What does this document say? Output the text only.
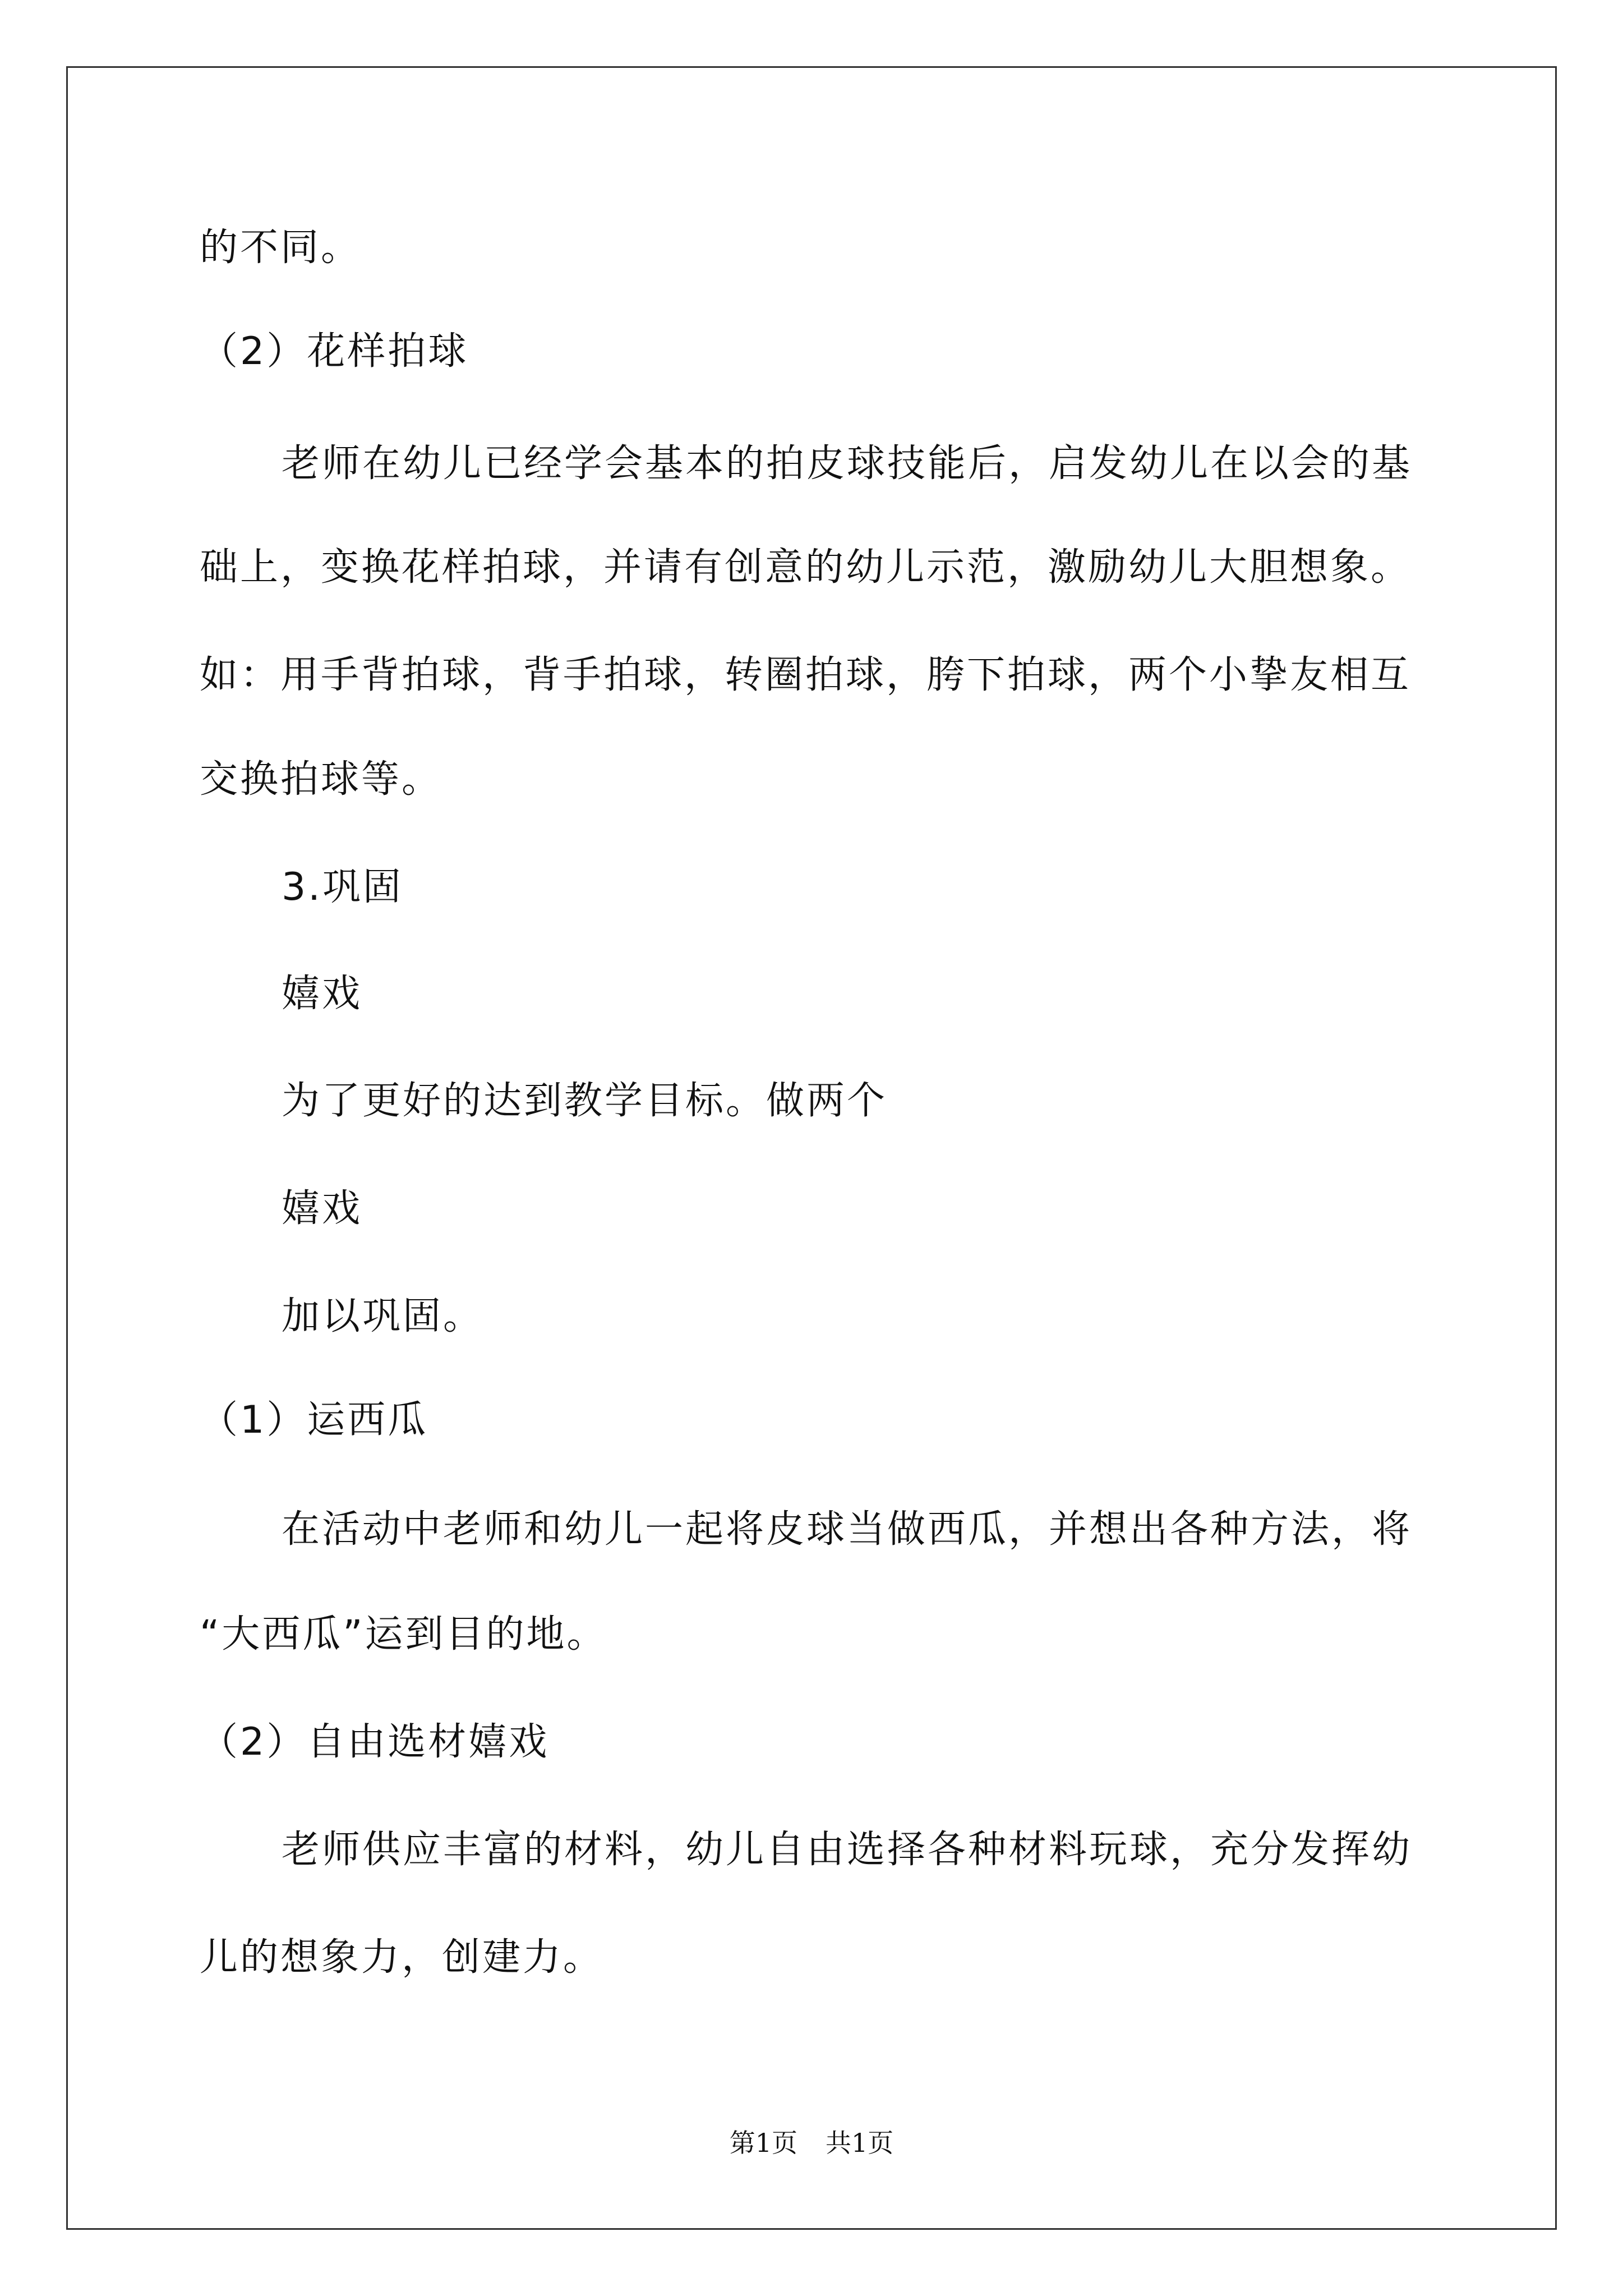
的不同。
（2）花样拍球
老师在幼儿已经学会基本的拍皮球技能后，启发幼儿在以会的基
础上，变换花样拍球，并请有创意的幼儿示范，激励幼儿大胆想象。
如：用手背拍球，背手拍球，转圈拍球，胯下拍球，两个小挚友相互
交换拍球等。
3.巩固
嬉戏
为了更好的达到教学目标。做两个
嬉戏
加以巩固。
（1）运西瓜
在活动中老师和幼儿一起将皮球当做西瓜，并想出各种方法，将
“大西瓜”运到目的地。
（2）自由选材嬉戏
老师供应丰富的材料，幼儿自由选择各种材料玩球，充分发挥幼
儿的想象力，创建力。
第1页 共1页
